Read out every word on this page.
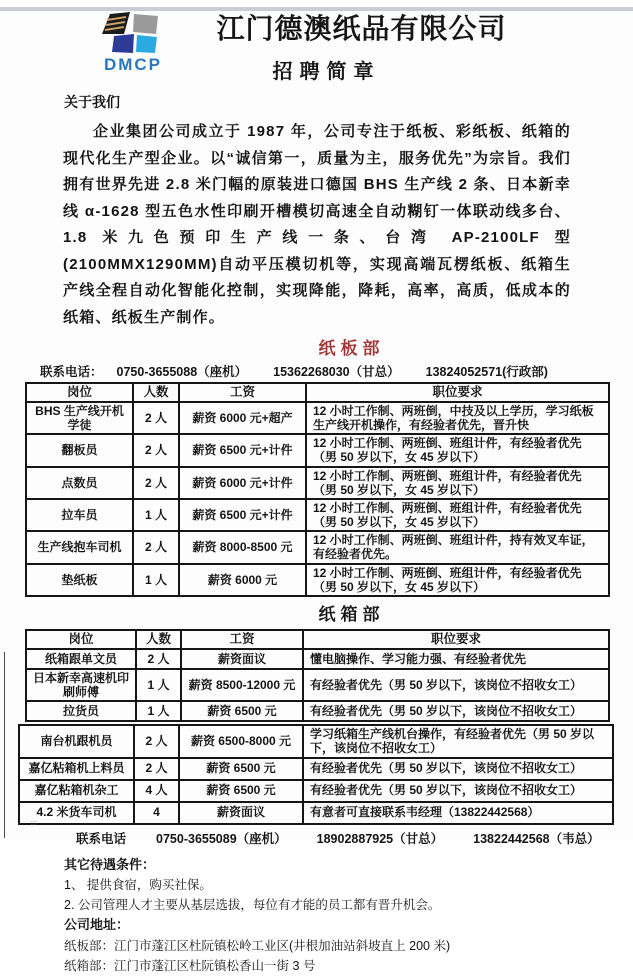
DMCP
江门德澳纸品有限公司
招聘简章
关于我们

企业集团公司成立于 1987 年，公司专注于纸板、彩纸板、纸箱的现代化生产型企业。以“诚信第一，质量为主，服务优先”为宗旨。我们拥有世界先进 2.8 米门幅的原装进口德国 BHS 生产线 2 条、日本新幸线 α-1628 型五色水性印刷开槽模切高速全自动糊钉一体联动线多台、1.8 米九色预印生产线一条、台湾 AP-2100LF 型(2100MMX1290MM)自动平压模切机等，实现高端瓦楞纸板、纸箱生产线全程自动化智能化控制，实现降能，降耗，高率，高质，低成本的纸箱、纸板生产制作。

纸板部

联系电话： 0750-3655088（座机） 15362268030（甘总） 13824052571(行政部)

岗位	人数	工资	职位要求
BHS 生产线开机学徒	2 人	薪资 6000 元+超产	12 小时工作制、两班倒，中技及以上学历，学习纸板生产线开机操作，有经验者优先，晋升快
翻板员	2 人	薪资 6500 元+计件	12 小时工作制、两班倒、班组计件，有经验者优先（男 50 岁以下，女 45 岁以下）
点数员	2 人	薪资 6000 元+计件	12 小时工作制、两班倒、班组计件，有经验者优先（男 50 岁以下，女 45 岁以下）
拉车员	1 人	薪资 6500 元+计件	12 小时工作制、两班倒、班组计件，有经验者优先（男 50 岁以下，女 45 岁以下）
生产线抱车司机	2 人	薪资 8000-8500 元	12 小时工作制、两班倒、班组计件，持有效叉车证，有经验者优先。
垫纸板	1 人	薪资 6000 元	12 小时工作制、两班倒、班组计件，有经验者优先（男 50 岁以下，女 45 岁以下）
纸箱部
岗位	人数	工资	职位要求
纸箱跟单文员	2 人	薪资面议	懂电脑操作、学习能力强、有经验者优先
日本新幸高速机印刷师傅	1 人	薪资 8500-12000 元	有经验者优先（男 50 岁以下，该岗位不招收女工）
拉货员	1 人	薪资 6500 元	有经验者优先（男 50 岁以下，该岗位不招收女工）
南台机跟机员	2 人	薪资 6500-8000 元	学习纸箱生产线机台操作，有经验者优先（男 50 岁以下，该岗位不招收女工）
嘉亿粘箱机上料员	2 人	薪资 6500 元	有经验者优先（男 50 岁以下，该岗位不招收女工）
嘉亿粘箱机杂工	4 人	薪资 6500 元	有经验者优先（男 50 岁以下，该岗位不招收女工）
4.2 米货车司机	4	薪资面议	有意者可直接联系韦经理（13822442568）

联系电话 0750-3655089（座机） 18902887925（甘总） 13822442568（韦总）

其它待遇条件：
1、 提供食宿，购买社保。
2. 公司管理人才主要从基层选拔，每位有才能的员工都有晋升机会。
公司地址：
纸板部：江门市蓬江区杜阮镇松岭工业区(井根加油站斜坡直上 200 米)
纸箱部：江门市蓬江区杜阮镇松香山一街 3 号
∷
